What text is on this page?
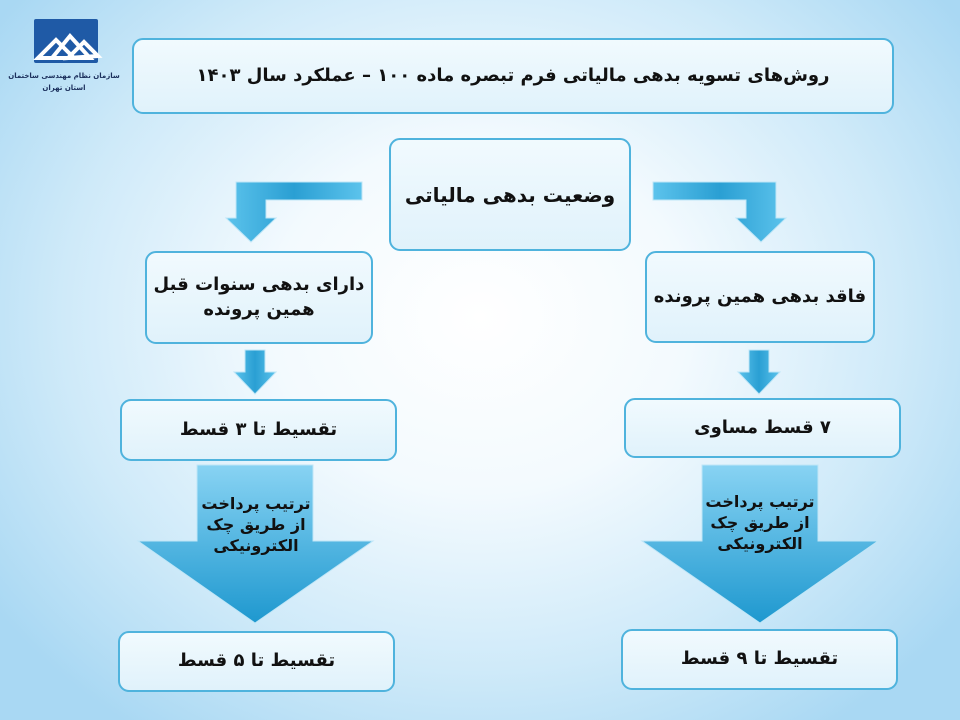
سازمان نظام مهندسی ساختمان
استان تهران
روش‌های تسویه بدهی مالیاتی فرم تبصره ماده ۱۰۰ – عملکرد سال ۱۴۰۳
وضعیت بدهی مالیاتی
دارای بدهی سنوات قبل همین پرونده
تقسیط تا ۳ قسط
ترتیب پرداخت از طریق چک الکترونیکی
تقسیط تا ۵ قسط
فاقد بدهی همین پرونده
۷ قسط مساوی
ترتیب پرداخت از طریق چک الکترونیکی
تقسیط تا ۹ قسط
